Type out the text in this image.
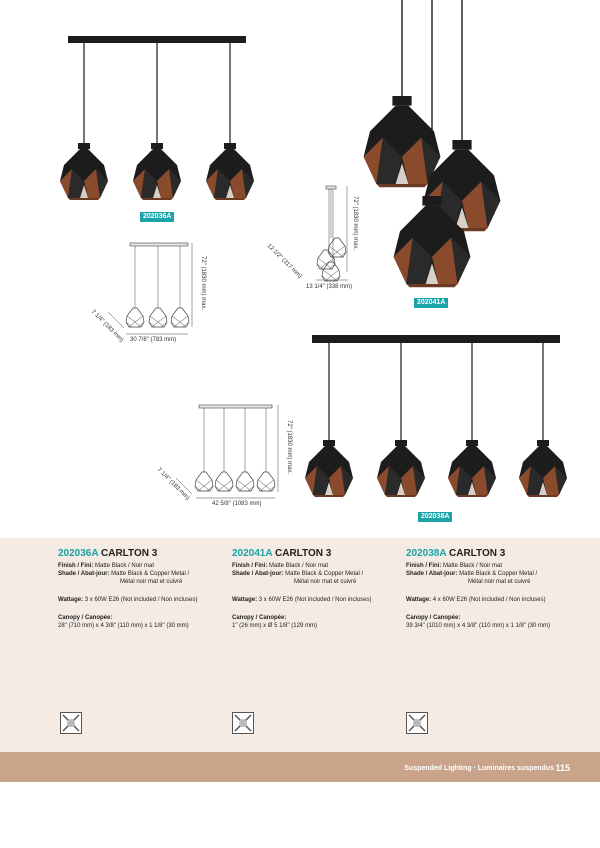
202036A
202041A
202038A
72" (1830 mm) max.
30 7/8" (783 mm)
7 1/4" (183 mm)
72" (1830 mm) max.
13 1/4" (338 mm)
12 1/2" (317 mm)
72" (1830 mm) max.
42 5/8" (1083 mm)
7 1/4" (183 mm)
202036A CARLTON 3

Finish / Fini: Matte Black / Noir mat

Shade / Abat-jour: Matte Black & Copper Metal /

Métal noir mat et cuivré

Wattage: 3 x 60W E26 (Not included / Non incluses)

Canopy / Canopée:

28" (710 mm) x 4 3/8" (110 mm) x 1 1/8" (30 mm)

202041A CARLTON 3

Finish / Fini: Matte Black / Noir mat

Shade / Abat-jour: Matte Black & Copper Metal /

Métal noir mat et cuivré

Wattage: 3 x 60W E26 (Not included / Non incluses)

Canopy / Canopée:

1" (26 mm) x Ø 5 1/8" (129 mm)

202038A CARLTON 3

Finish / Fini: Matte Black / Noir mat

Shade / Abat-jour: Matte Black & Copper Metal /

Métal noir mat et cuivré

Wattage: 4 x 60W E26 (Not included / Non incluses)

Canopy / Canopée:

39 3/4" (1010 mm) x 4 3/8" (110 mm) x 1 1/8" (30 mm)

Suspended Lighting · Luminaires suspendus 115
